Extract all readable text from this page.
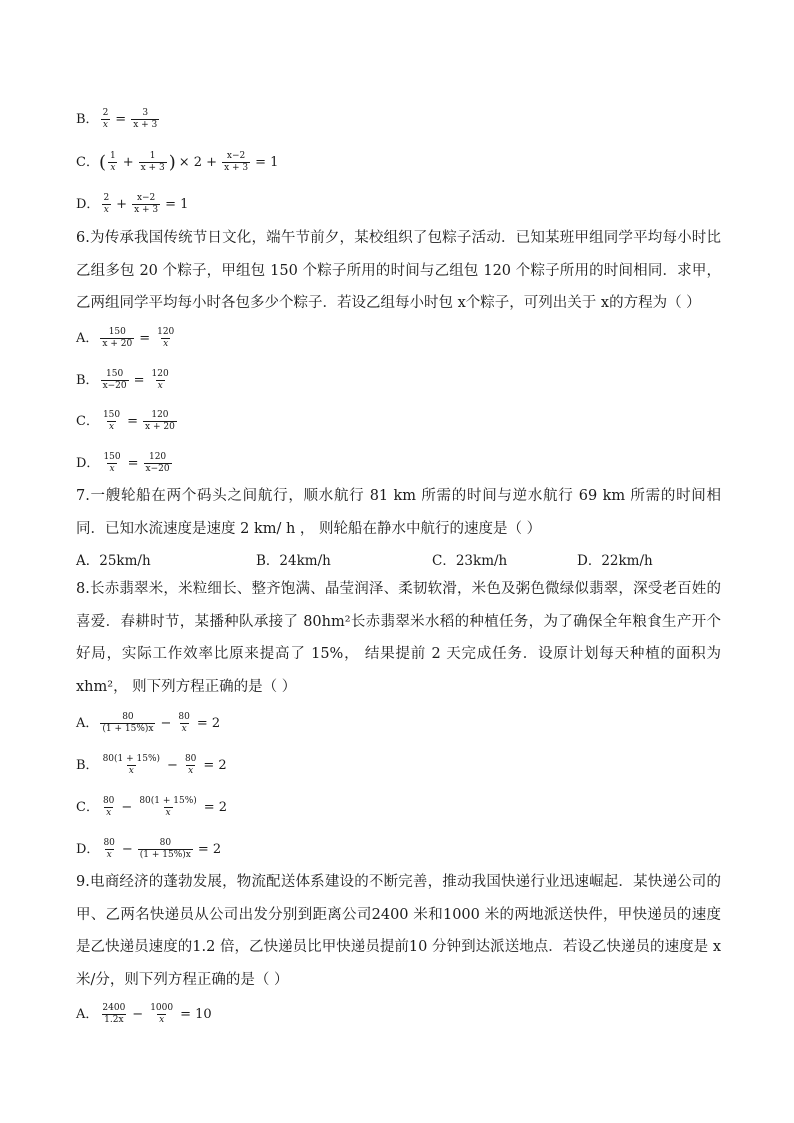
B． $\frac{2}{x} = \frac{3}{x + 3}$
C． ( $\frac{1}{x} + \frac{1}{x + 3}$ ) × $2 + \frac{x-2}{x + 3} = 1$
D． $\frac{2}{x} + \frac{x-2}{x + 3} = 1$
6.为传承我国传统节日文化，端午节前夕，某校组织了包粽子活动．已知某班甲组同学平均每小时比乙组多包 20 个粽子，甲组包 150 个粽子所用的时间与乙组包 120 个粽子所用的时间相同．求甲，乙两组同学平均每小时各包多少个粽子．若设乙组每小时包 x个粽子，可列出关于 x的方程为（ ）
A． $\frac{150}{x + 20} = \frac{120}{x}$
B． $\frac{150}{x-20} = \frac{120}{x}$
C． $\frac{150}{x} = \frac{120}{x + 20}$
D． $\frac{150}{x} = \frac{120}{x-20}$
7.一艘轮船在两个码头之间航行，顺水航行 81 km 所需的时间与逆水航行 69 km 所需的时间相同．已知水流速度是速度 2 km/ h ， 则轮船在静水中航行的速度是（ ）
A．25km/h	B．24km/h	C．23km/h	D．22km/h
8.长赤翡翠米，米粒细长、整齐饱满、晶莹润泽、柔韧软滑，米色及粥色微绿似翡翠，深受老百姓的喜爱．春耕时节，某播种队承接了 80hm²长赤翡翠米水稻的种植任务，为了确保全年粮食生产开个好局，实际工作效率比原来提高了 15%， 结果提前 2 天完成任务．设原计划每天种植的面积为 xhm²， 则下列方程正确的是（ ）
A． $\frac{80}{(1 + 15\%)x} - \frac{80}{x} = 2$
B． $\frac{80(1 + 15\%)}{x} - \frac{80}{x} = 2$
C． $\frac{80}{x} - \frac{80(1 + 15\%)}{x} = 2$
D． $\frac{80}{x} - \frac{80}{(1 + 15\%)x} = 2$
9.电商经济的蓬勃发展，物流配送体系建设的不断完善，推动我国快递行业迅速崛起．某快递公司的甲、乙两名快递员从公司出发分别到距离公司2400 米和1000 米的两地派送快件，甲快递员的速度是乙快递员速度的1.2 倍，乙快递员比甲快递员提前10 分钟到达派送地点．若设乙快递员的速度是 x 米/分，则下列方程正确的是（ ）
A． $\frac{2400}{1.2x} - \frac{1000}{x} = 10$
